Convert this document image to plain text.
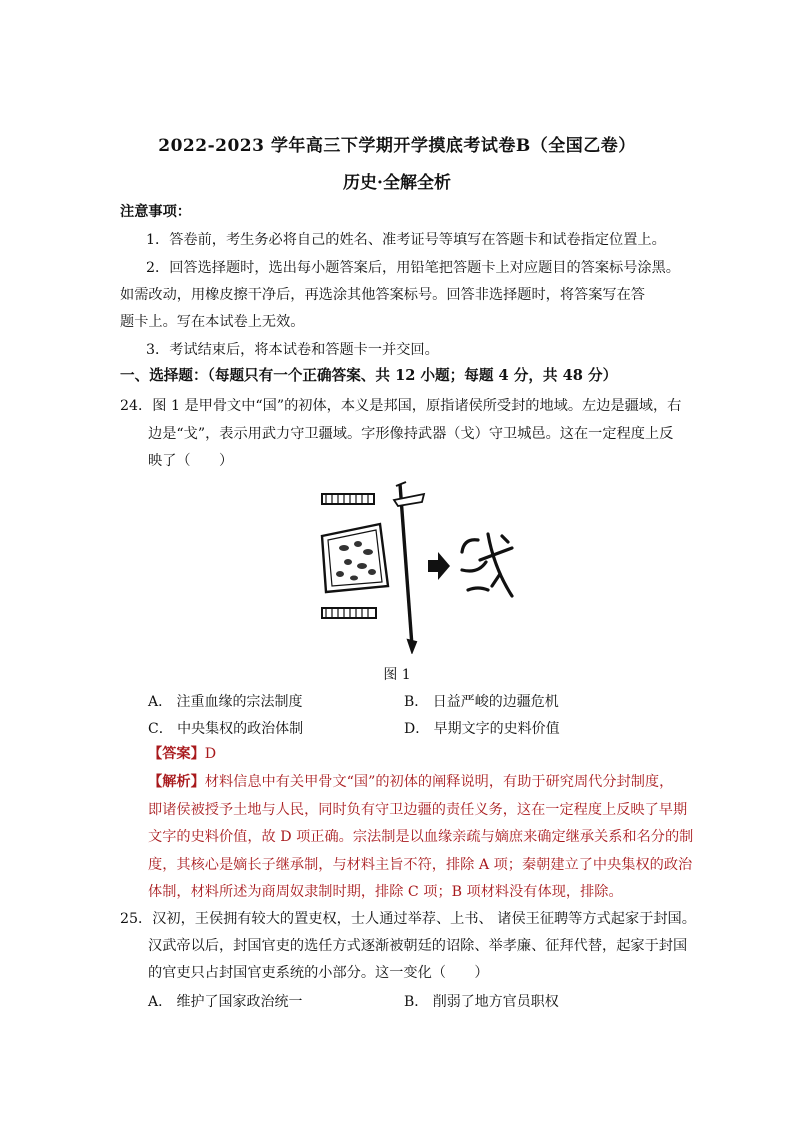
2022-2023 学年高三下学期开学摸底考试卷B（全国乙卷）
历史·全解全析
注意事项：
1．答卷前，考生务必将自己的姓名、准考证号等填写在答题卡和试卷指定位置上。
2．回答选择题时，选出每小题答案后，用铅笔把答题卡上对应题目的答案标号涂黑。
如需改动，用橡皮擦干净后，再选涂其他答案标号。回答非选择题时，将答案写在答
题卡上。写在本试卷上无效。
3．考试结束后，将本试卷和答题卡一并交回。
一、选择题：（每题只有一个正确答案、共 12 小题；每题 4 分，共 48 分）
24．图 1 是甲骨文中“国”的初体，本义是邦国，原指诸侯所受封的地域。左边是疆域，右
边是“戈”，表示用武力守卫疆域。字形像持武器（戈）守卫城邑。这在一定程度上反
映了（　　）
图 1
A． 注重血缘的宗法制度	B． 日益严峻的边疆危机
C． 中央集权的政治体制	D． 早期文字的史料价值
【答案】D
【解析】材料信息中有关甲骨文“国”的初体的阐释说明，有助于研究周代分封制度，
即诸侯被授予土地与人民，同时负有守卫边疆的责任义务，这在一定程度上反映了早期
文字的史料价值，故 D 项正确。宗法制是以血缘亲疏与嫡庶来确定继承关系和名分的制
度，其核心是嫡长子继承制，与材料主旨不符，排除 A 项；秦朝建立了中央集权的政治
体制，材料所述为商周奴隶制时期，排除 C 项；B 项材料没有体现，排除。
25．汉初，王侯拥有较大的置吏权，士人通过举荐、上书、 诸侯王征聘等方式起家于封国。
汉武帝以后，封国官吏的选任方式逐渐被朝廷的诏除、举孝廉、征拜代替，起家于封国
的官吏只占封国官吏系统的小部分。这一变化（　　）
A． 维护了国家政治统一	B． 削弱了地方官员职权
